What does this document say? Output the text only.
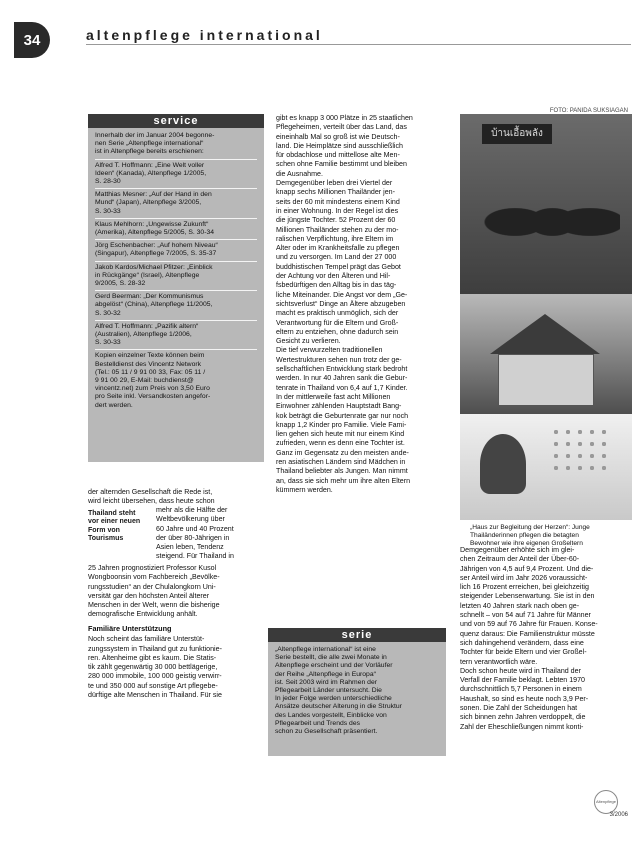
34	altenpflege international
FOTO: PANIDA SUKSIAGAN
service
Innerhalb der im Januar 2004 begonne-
nen Serie „Altenpflege international“
ist in Altenpflege bereits erschienen:
Alfred T. Hoffmann: „Eine Welt voller
Ideen“ (Kanada), Altenpflege 1/2005,
S. 28-30
Matthias Mesner: „Auf der Hand in den
Mund“ (Japan), Altenpflege 3/2005,
S. 30-33
Klaus Mehlhorn: „Ungewisse Zukunft“
(Amerika), Altenpflege 5/2005, S. 30-34
Jörg Eschenbacher: „Auf hohem Niveau“
(Singapur), Altenpflege 7/2005, S. 35-37
Jakob Kardos/Michael Pfitzer: „Einblick
in Rückgänge“ (Israel), Altenpflege
9/2005, S. 28-32
Gerd Beerman: „Der Kommunismus
abgelöst“ (China), Altenpflege 11/2005,
S. 30-32
Alfred T. Hoffmann: „Pazifik altern“
(Australien), Altenpflege 1/2006,
S. 30-33
Kopien einzelner Texte können beim
Bestelldienst des Vincentz Network
(Tel.: 05 11 / 9 91 00 33, Fax: 05 11 /
9 91 00 29, E-Mail: buchdienst@
vincentz.net) zum Preis von 3,50 Euro
pro Seite inkl. Versandkosten angefor-
dert werden.
der alternden Gesellschaft die Rede ist,
wird leicht übersehen, dass heute schon
Thailand steht
vor einer neuen
Form von
Tourismus
mehr als die Hälfte der
Weltbevölkerung über
60 Jahre und 40 Prozent
der über 80-Jährigen in
Asien leben, Tendenz
steigend. Für Thailand in
25 Jahren prognostiziert Professor Kusol
Wongboonsin vom Fachbereich „Bevölke-
rungsstudien“ an der Chulalongkorn Uni-
versität gar den höchsten Anteil älterer
Menschen in der Welt, wenn die bisherige
demografische Entwicklung anhält.
Familiäre Unterstützung
Noch scheint das familiäre Unterstüt-
zungssystem in Thailand gut zu funktionie-
ren. Altenheime gibt es kaum. Die Statis-
tik zählt gegenwärtig 30 000 bettlägerige,
280 000 immobile, 100 000 geistig verwirr-
te und 350 000 auf sonstige Art pflegebe-
dürftige alte Menschen in Thailand. Für sie
gibt es knapp 3 000 Plätze in 25 staatlichen
Pflegeheimen, verteilt über das Land, das
eineinhalb Mal so groß ist wie Deutsch-
land. Die Heimplätze sind ausschließlich
für obdachlose und mittellose alte Men-
schen ohne Familie bestimmt und bleiben
die Ausnahme.
Demgegenüber leben drei Viertel der
knapp sechs Millionen Thailänder jen-
seits der 60 mit mindestens einem Kind
in einer Wohnung. In der Regel ist dies
die jüngste Tochter. 52 Prozent der 60
Millionen Thailänder stehen zu der mo-
ralischen Verpflichtung, ihre Eltern im
Alter oder im Krankheitsfalle zu pflegen
und zu versorgen. Im Land der 27 000
buddhistischen Tempel prägt das Gebot
der Achtung vor den Älteren und Hil-
fsbedürftigen den Alltag bis in das täg-
liche Miteinander. Die Angst vor dem „Ge-
sichtsverlust“ Dinge an Ältere abzugeben
macht es praktisch unmöglich, sich der
Verantwortung für die Eltern und Groß-
eltern zu entziehen, ohne dadurch sein
Gesicht zu verlieren.
Die tief verwurzelten traditionellen
Wertestrukturen sehen nun trotz der ge-
sellschaftlichen Entwicklung stark bedroht
werden. In nur 40 Jahren sank die Gebur-
tenrate in Thailand von 6,4 auf 1,7 Kinder.
In der mittlerweile fast acht Millionen
Einwohner zählenden Hauptstadt Bang-
kok beträgt die Geburtenrate gar nur noch
knapp 1,2 Kinder pro Familie. Viele Fami-
lien gehen sich heute mit nur einem Kind
zufrieden, wenn es denn eine Tochter ist.
Ganz im Gegensatz zu den meisten ande-
ren asiatischen Ländern sind Mädchen in
Thailand beliebter als Jungen. Man nimmt
an, dass sie sich mehr um ihre alten Eltern
kümmern werden.
serie
„Altenpflege international“ ist eine
Serie bestellt, die alle zwei Monate in
Altenpflege erscheint und der Vorläufer
der Reihe „Altenpflege in Europa“
ist. Seit 2003 wird im Rahmen der
Pflegearbeit Länder untersucht. Die
In jeder Folge werden unterschiedliche
Ansätze deutscher Alterung in die Struktur
des Landes vorgestellt, Einblicke von
Pflegearbeit und Trends des
schon zu Gesellschaft präsentiert.
บ้านเอื้อพลัง
„Haus zur Begleitung der Herzen“: Junge
Thailänderinnen pflegen die betagten
Bewohner wie ihre eigenen Großeltern
Demgegenüber erhöhte sich im glei-
chen Zeitraum der Anteil der Über-60-
Jährigen von 4,5 auf 9,4 Prozent. Und die-
ser Anteil wird im Jahr 2026 voraussicht-
lich 16 Prozent erreichen, bei gleichzeitig
steigender Lebenserwartung. Sie ist in den
letzten 40 Jahren stark nach oben ge-
schnellt – von 54 auf 71 Jahre für Männer
und von 59 auf 76 Jahre für Frauen. Konse-
quenz daraus: Die Familienstruktur müsste
sich dahingehend verändern, dass eine
Tochter für beide Eltern und vier Großel-
tern verantwortlich wäre.
Doch schon heute wird in Thailand der
Verfall der Familie beklagt. Lebten 1970
durchschnittlich 5,7 Personen in einem
Haushalt, so sind es heute noch 3,9 Per-
sonen. Die Zahl der Scheidungen hat
sich binnen zehn Jahren verdoppelt, die
Zahl der Eheschließungen nimmt konti-
Altenpflege
3/2006
